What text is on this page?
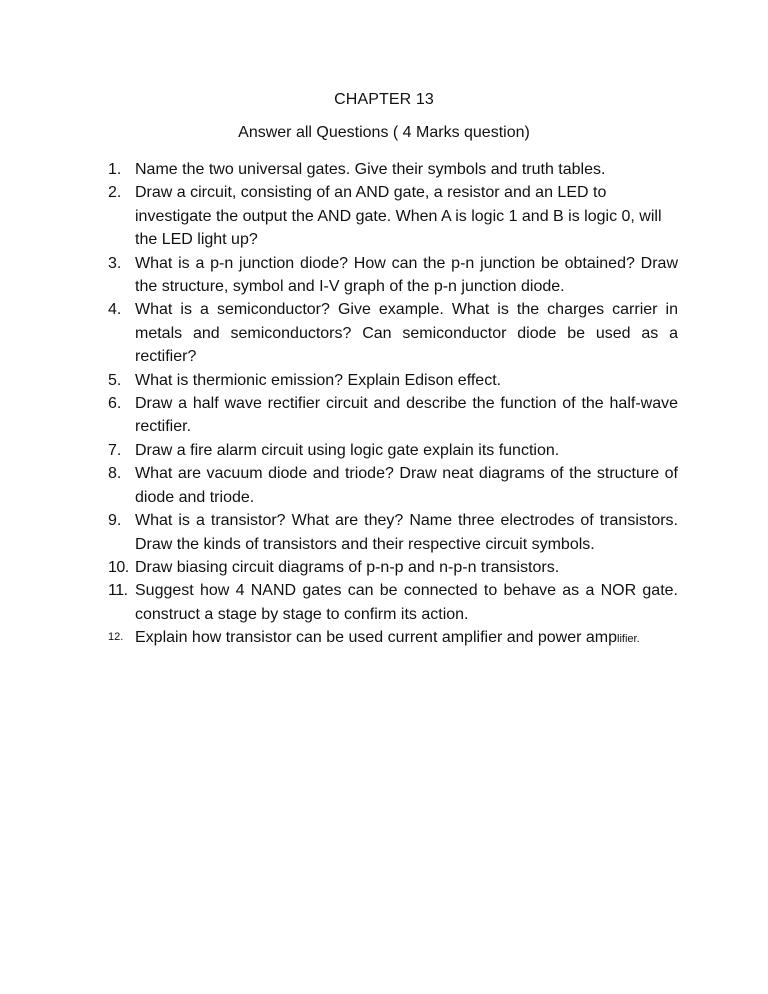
CHAPTER 13
Answer all Questions ( 4 Marks question)
1. Name the two universal gates. Give their symbols and truth tables.
2. Draw a circuit, consisting of an AND gate, a resistor and an LED to investigate the output the AND gate. When A is logic 1 and B is logic 0, will the LED light up?
3. What is a p-n junction diode? How can the p-n junction be obtained? Draw the structure, symbol and I-V graph of the p-n junction diode.
4. What is a semiconductor? Give example. What is the charges carrier in metals and semiconductors? Can semiconductor diode be used as a rectifier?
5. What is thermionic emission? Explain Edison effect.
6. Draw a half wave rectifier circuit and describe the function of the half-wave rectifier.
7. Draw a fire alarm circuit using logic gate explain its function.
8. What are vacuum diode and triode? Draw neat diagrams of the structure of diode and triode.
9. What is a transistor? What are they? Name three electrodes of transistors. Draw the kinds of transistors and their respective circuit symbols.
10. Draw biasing circuit diagrams of p-n-p and n-p-n transistors.
11. Suggest how 4 NAND gates can be connected to behave as a NOR gate. construct a stage by stage to confirm its action.
12. Explain how transistor can be used current amplifier and power amplifier.
